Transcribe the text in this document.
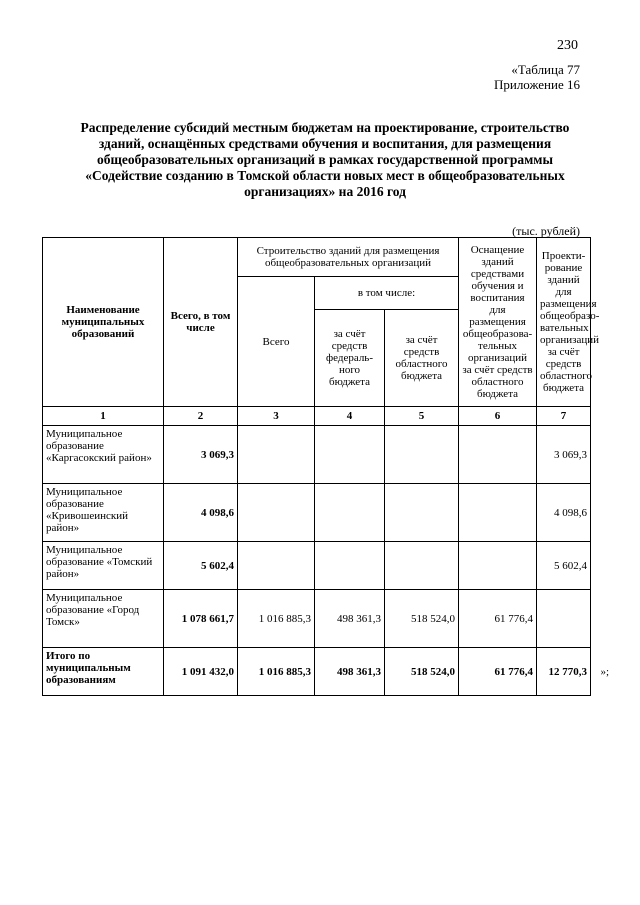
230
«Таблица 77
Приложение 16
Распределение субсидий местным бюджетам на проектирование, строительство зданий, оснащённых средствами обучения и воспитания, для размещения общеобразовательных организаций в рамках государственной программы «Содействие созданию в Томской области новых мест в общеобразовательных организациях» на 2016 год
(тыс. рублей)
Наименование муниципальных образований	Всего, в том числе	Строительство зданий для размещения общеобразовательных организаций			Оснащение зданий средствами обучения и воспитания для размещения общеобразова-тельных организаций за счёт средств областного бюджета	Проекти-рование зданий для размещения общеобразо-вательных организаций за счёт средств областного бюджета
		Всего	в том числе:			
			за счёт средств федераль-ного бюджета	за счёт средств областного бюджета		
1	2	3	4	5	6	7
Муниципальное образование «Каргасокский район»	3 069,3					3 069,3
Муниципальное образование «Кривошеинский район»	4 098,6					4 098,6
Муниципальное образование «Томский район»	5 602,4					5 602,4
Муниципальное образование «Город Томск»	1 078 661,7	1 016 885,3	498 361,3	518 524,0	61 776,4	
Итого по муниципальным образованиям	1 091 432,0	1 016 885,3	498 361,3	518 524,0	61 776,4	12 770,3 »;
